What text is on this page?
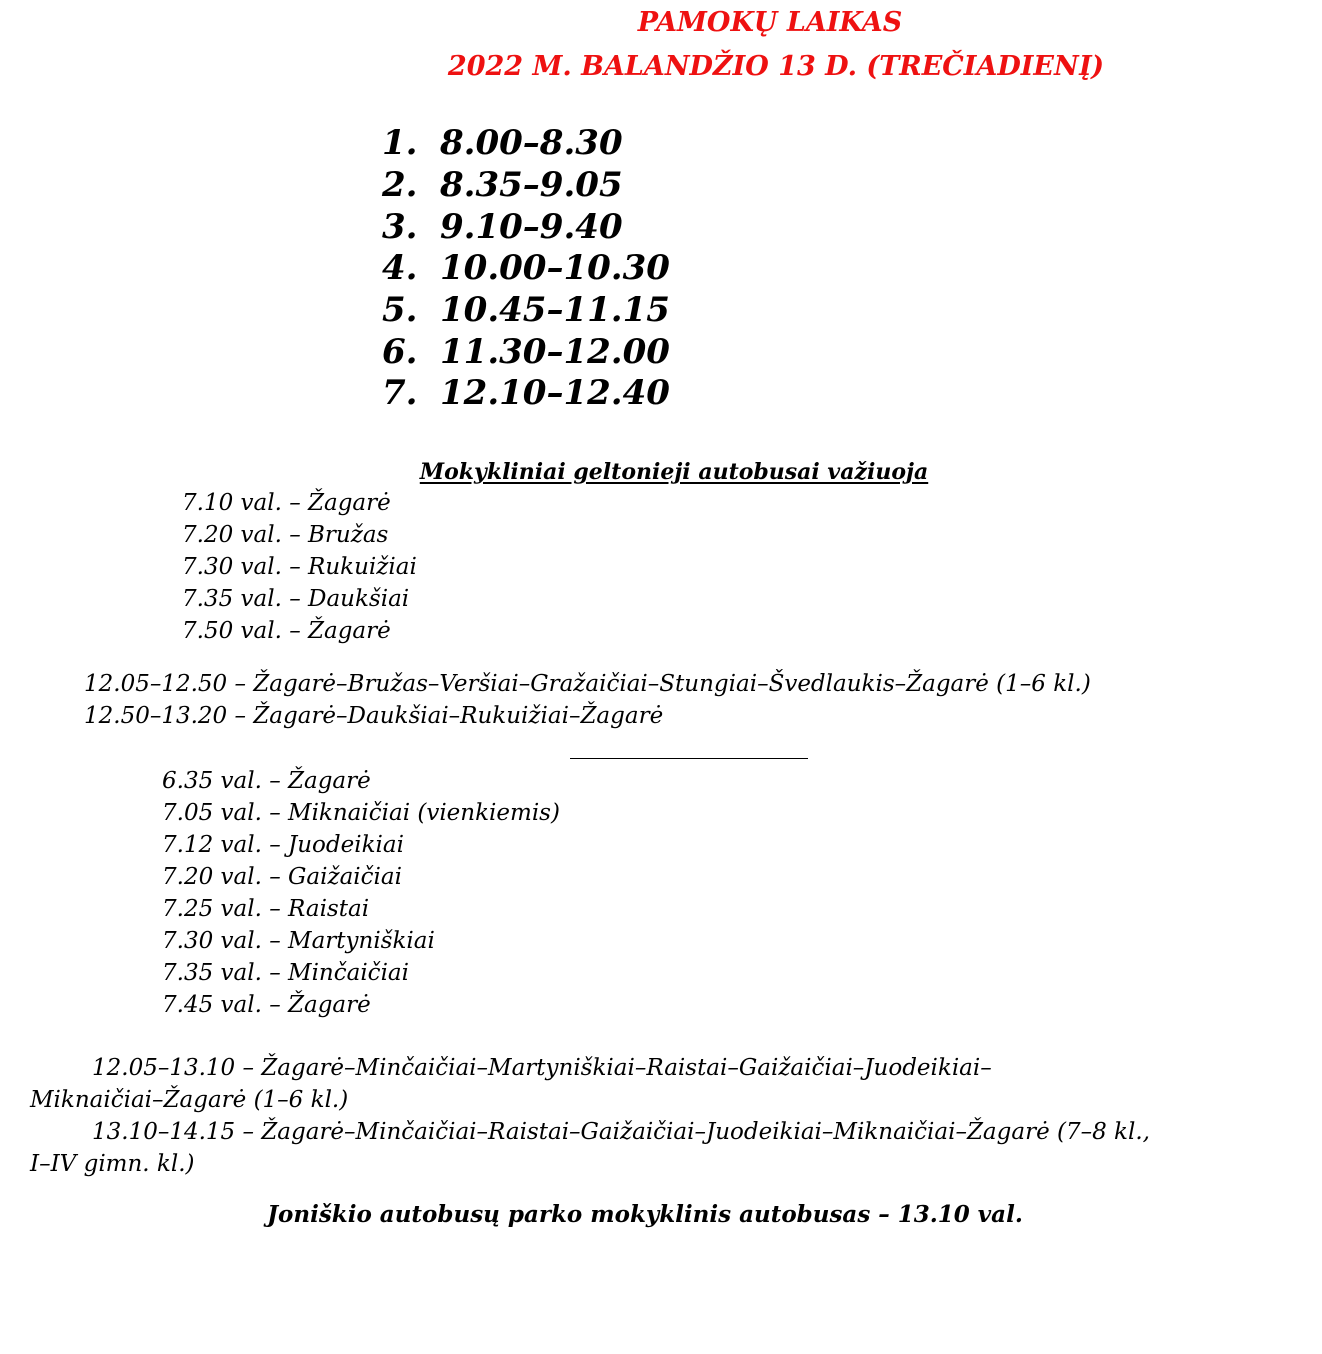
PAMOKŲ LAIKAS
2022 M. BALANDŽIO 13 D. (TREČIADIENĮ)
1. 8.00–8.30
2. 8.35–9.05
3. 9.10–9.40
4. 10.00–10.30
5. 10.45–11.15
6. 11.30–12.00
7. 12.10–12.40
Mokykliniai geltonieji autobusai važiuoja
7.10 val. – Žagarė
7.20 val. – Bružas
7.30 val. – Rukuižiai
7.35 val. – Daukšiai
7.50 val. – Žagarė
12.05–12.50 – Žagarė–Bružas–Veršiai–Gražaičiai–Stungiai–Švedlaukis–Žagarė (1–6 kl.)
12.50–13.20 – Žagarė–Daukšiai–Rukuižiai–Žagarė
6.35 val. – Žagarė
7.05 val. – Miknaičiai (vienkiemis)
7.12 val. – Juodeikiai
7.20 val. – Gaižaičiai
7.25 val. – Raistai
7.30 val. – Martyniškiai
7.35 val. – Minčaičiai
7.45 val. – Žagarė
12.05–13.10 – Žagarė–Minčaičiai–Martyniškiai–Raistai–Gaižaičiai–Juodeikiai–
Miknaičiai–Žagarė (1–6 kl.)
13.10–14.15 – Žagarė–Minčaičiai–Raistai–Gaižaičiai–Juodeikiai–Miknaičiai–Žagarė (7–8 kl.,
I–IV gimn. kl.)
Joniškio autobusų parko mokyklinis autobusas – 13.10 val.
